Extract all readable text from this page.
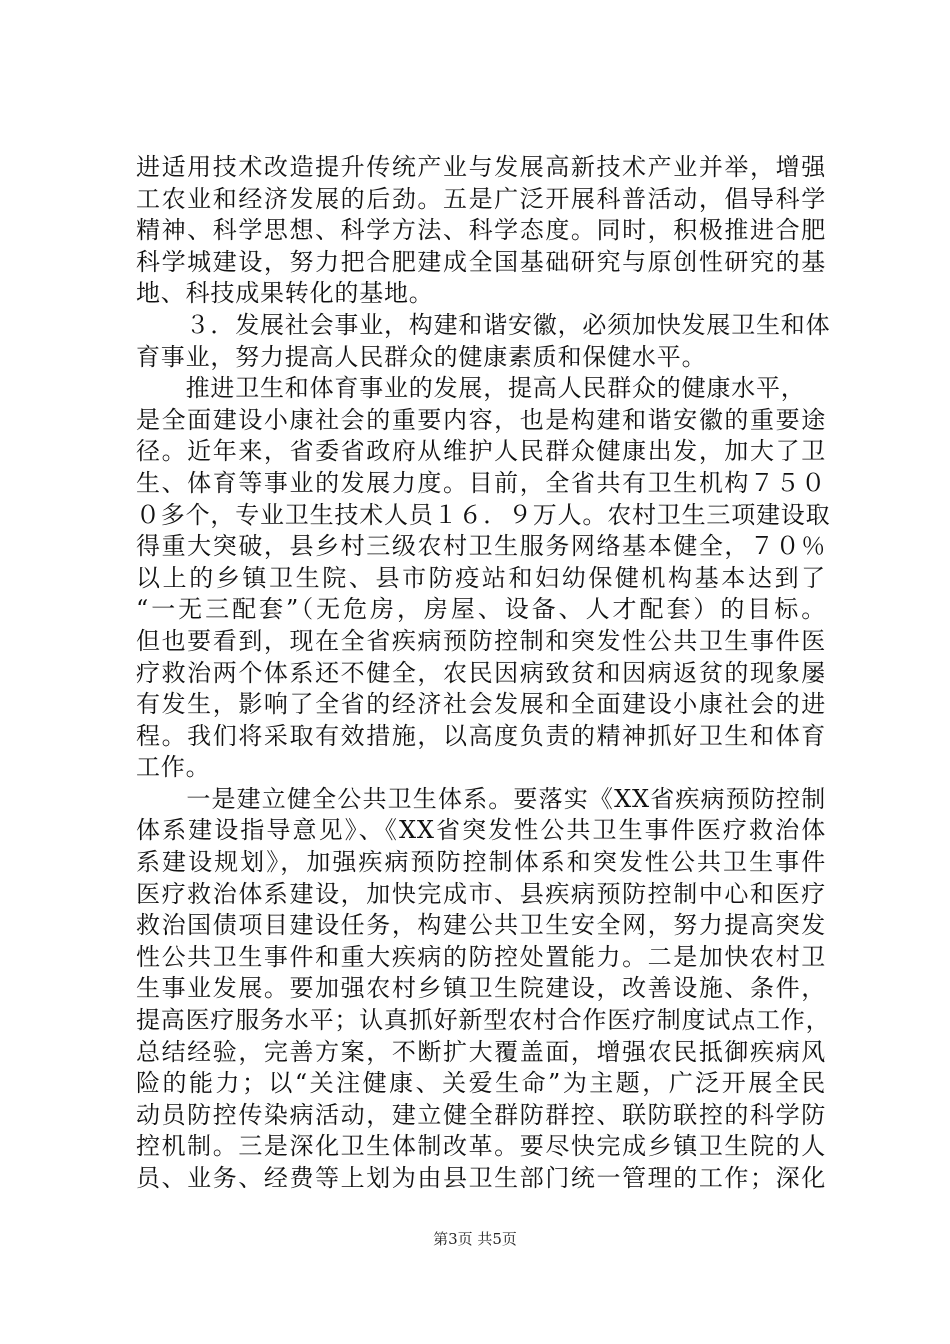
进适用技术改造提升传统产业与发展高新技术产业并举，增强
工农业和经济发展的后劲。五是广泛开展科普活动，倡导科学
精神、科学思想、科学方法、科学态度。同时，积极推进合肥
科学城建设，努力把合肥建成全国基础研究与原创性研究的基
地、科技成果转化的基地。
　　３．发展社会事业，构建和谐安徽，必须加快发展卫生和体
育事业，努力提高人民群众的健康素质和保健水平。
　　推进卫生和体育事业的发展，提高人民群众的健康水平，
是全面建设小康社会的重要内容，也是构建和谐安徽的重要途
径。近年来，省委省政府从维护人民群众健康出发，加大了卫
生、体育等事业的发展力度。目前，全省共有卫生机构７５０
０多个，专业卫生技术人员１６．９万人。农村卫生三项建设取
得重大突破，县乡村三级农村卫生服务网络基本健全，７０％
以上的乡镇卫生院、县市防疫站和妇幼保健机构基本达到了
“一无三配套”（无危房，房屋、设备、人才配套）的目标。
但也要看到，现在全省疾病预防控制和突发性公共卫生事件医
疗救治两个体系还不健全，农民因病致贫和因病返贫的现象屡
有发生，影响了全省的经济社会发展和全面建设小康社会的进
程。我们将采取有效措施，以高度负责的精神抓好卫生和体育
工作。
　　一是建立健全公共卫生体系。要落实《XX省疾病预防控制
体系建设指导意见》、《XX省突发性公共卫生事件医疗救治体
系建设规划》，加强疾病预防控制体系和突发性公共卫生事件
医疗救治体系建设，加快完成市、县疾病预防控制中心和医疗
救治国债项目建设任务，构建公共卫生安全网，努力提高突发
性公共卫生事件和重大疾病的防控处置能力。二是加快农村卫
生事业发展。要加强农村乡镇卫生院建设，改善设施、条件，
提高医疗服务水平；认真抓好新型农村合作医疗制度试点工作，
总结经验，完善方案，不断扩大覆盖面，增强农民抵御疾病风
险的能力；以“关注健康、关爱生命”为主题，广泛开展全民
动员防控传染病活动，建立健全群防群控、联防联控的科学防
控机制。三是深化卫生体制改革。要尽快完成乡镇卫生院的人
员、业务、经费等上划为由县卫生部门统一管理的工作；深化
第3页 共5页
